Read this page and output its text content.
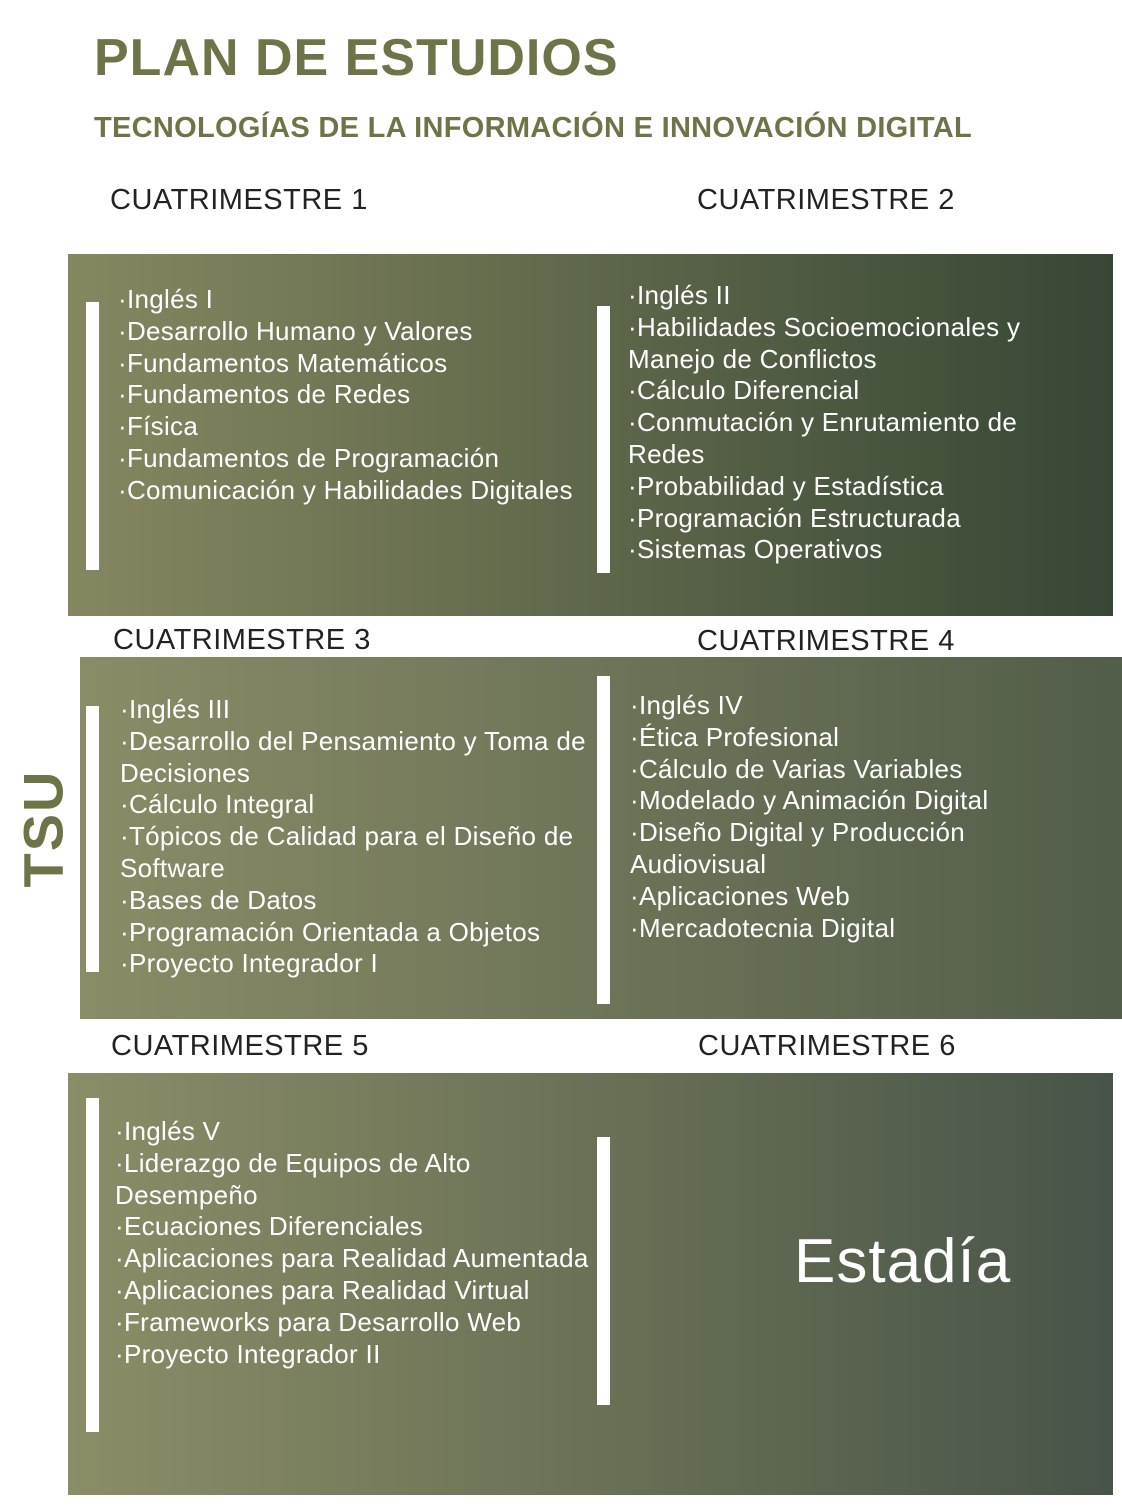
PLAN DE ESTUDIOS
TECNOLOGÍAS DE LA INFORMACIÓN E INNOVACIÓN DIGITAL
TSU
CUATRIMESTRE 1	CUATRIMESTRE 2
· Inglés I
· Desarrollo Humano y Valores
· Fundamentos Matemáticos
· Fundamentos de Redes
· Física
· Fundamentos de Programación
· Comunicación y Habilidades Digitales
· Inglés II
· Habilidades Socioemocionales y Manejo de Conflictos
· Cálculo Diferencial
· Conmutación y Enrutamiento de Redes
· Probabilidad y Estadística
· Programación Estructurada
· Sistemas Operativos
CUATRIMESTRE 3	CUATRIMESTRE 4
· Inglés III
· Desarrollo del Pensamiento y Toma de Decisiones
· Cálculo Integral
· Tópicos de Calidad para el Diseño de Software
· Bases de Datos
· Programación Orientada a Objetos
· Proyecto Integrador I
· Inglés IV
· Ética Profesional
· Cálculo de Varias Variables
· Modelado y Animación Digital
· Diseño Digital y Producción Audiovisual
· Aplicaciones Web
· Mercadotecnia Digital
CUATRIMESTRE 5	CUATRIMESTRE 6
· Inglés V
· Liderazgo de Equipos de Alto Desempeño
· Ecuaciones Diferenciales
· Aplicaciones para Realidad Aumentada
· Aplicaciones para Realidad Virtual
· Frameworks para Desarrollo Web
· Proyecto Integrador II
Estadía
